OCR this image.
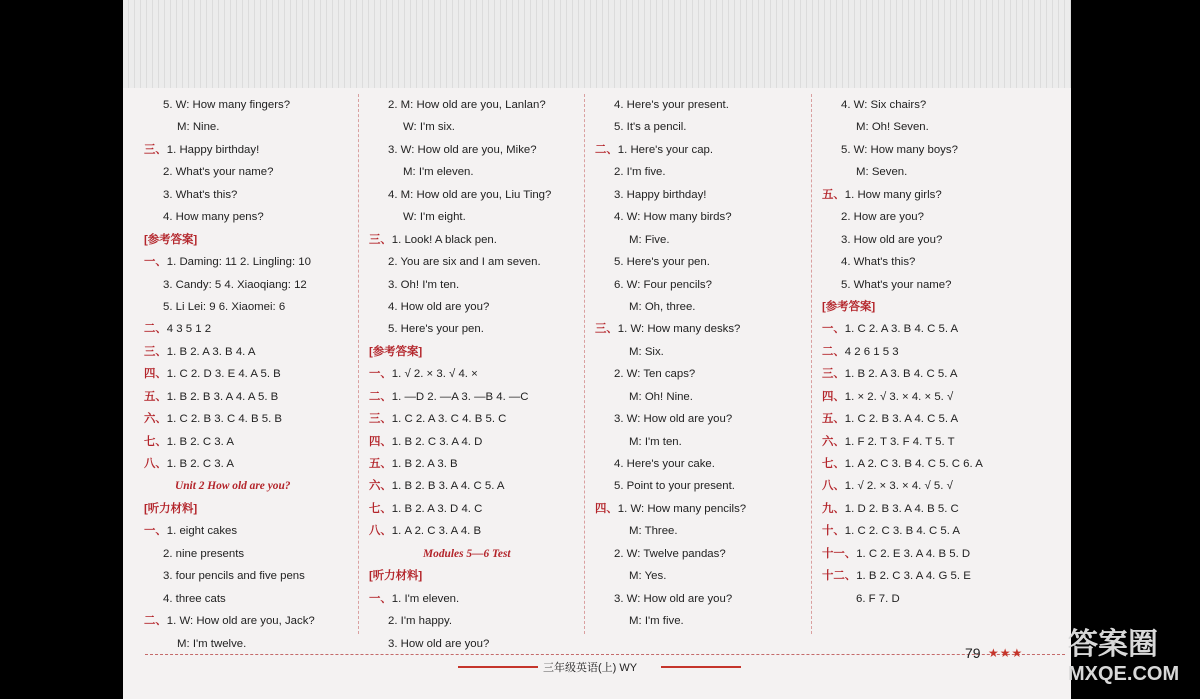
5. W: How many fingers?
M: Nine.
三、1. Happy birthday!
2. What's your name?
3. What's this?
4. How many pens?
[参考答案]
一、1. Daming: 11 2. Lingling: 10
3. Candy: 5 4. Xiaoqiang: 12
5. Li Lei: 9 6. Xiaomei: 6
二、4 3 5 1 2
三、1. B 2. A 3. B 4. A
四、1. C 2. D 3. E 4. A 5. B
五、1. B 2. B 3. A 4. A 5. B
六、1. C 2. B 3. C 4. B 5. B
七、1. B 2. C 3. A
八、1. B 2. C 3. A
Unit 2 How old are you?
[听力材料]
一、1. eight cakes
2. nine presents
3. four pencils and five pens
4. three cats
二、1. W: How old are you, Jack?
M: I'm twelve.
2. M: How old are you, Lanlan?
W: I'm six.
3. W: How old are you, Mike?
M: I'm eleven.
4. M: How old are you, Liu Ting?
W: I'm eight.
三、1. Look! A black pen.
2. You are six and I am seven.
3. Oh! I'm ten.
4. How old are you?
5. Here's your pen.
[参考答案]
一、1. √ 2. × 3. √ 4. ×
二、1. —D 2. —A 3. —B 4. —C
三、1. C 2. A 3. C 4. B 5. C
四、1. B 2. C 3. A 4. D
五、1. B 2. A 3. B
六、1. B 2. B 3. A 4. C 5. A
七、1. B 2. A 3. D 4. C
八、1. A 2. C 3. A 4. B
Modules 5—6 Test
[听力材料]
一、1. I'm eleven.
2. I'm happy.
3. How old are you?
4. Here's your present.
5. It's a pencil.
二、1. Here's your cap.
2. I'm five.
3. Happy birthday!
4. W: How many birds?
M: Five.
5. Here's your pen.
6. W: Four pencils?
M: Oh, three.
三、1. W: How many desks?
M: Six.
2. W: Ten caps?
M: Oh! Nine.
3. W: How old are you?
M: I'm ten.
4. Here's your cake.
5. Point to your present.
四、1. W: How many pencils?
M: Three.
2. W: Twelve pandas?
M: Yes.
3. W: How old are you?
M: I'm five.
4. W: Six chairs?
M: Oh! Seven.
5. W: How many boys?
M: Seven.
五、1. How many girls?
2. How are you?
3. How old are you?
4. What's this?
5. What's your name?
[参考答案]
一、1. C 2. A 3. B 4. C 5. A
二、4 2 6 1 5 3
三、1. B 2. A 3. B 4. C 5. A
四、1. × 2. √ 3. × 4. × 5. √
五、1. C 2. B 3. A 4. C 5. A
六、1. F 2. T 3. F 4. T 5. T
七、1. A 2. C 3. B 4. C 5. C 6. A
八、1. √ 2. × 3. × 4. √ 5. √
九、1. D 2. B 3. A 4. B 5. C
十、1. C 2. C 3. B 4. C 5. A
十一、1. C 2. E 3. A 4. B 5. D
十二、1. B 2. C 3. A 4. G 5. E
6. F 7. D
三年级英语(上) WY
79 ★★★ 答案圈
MXQE.COM
